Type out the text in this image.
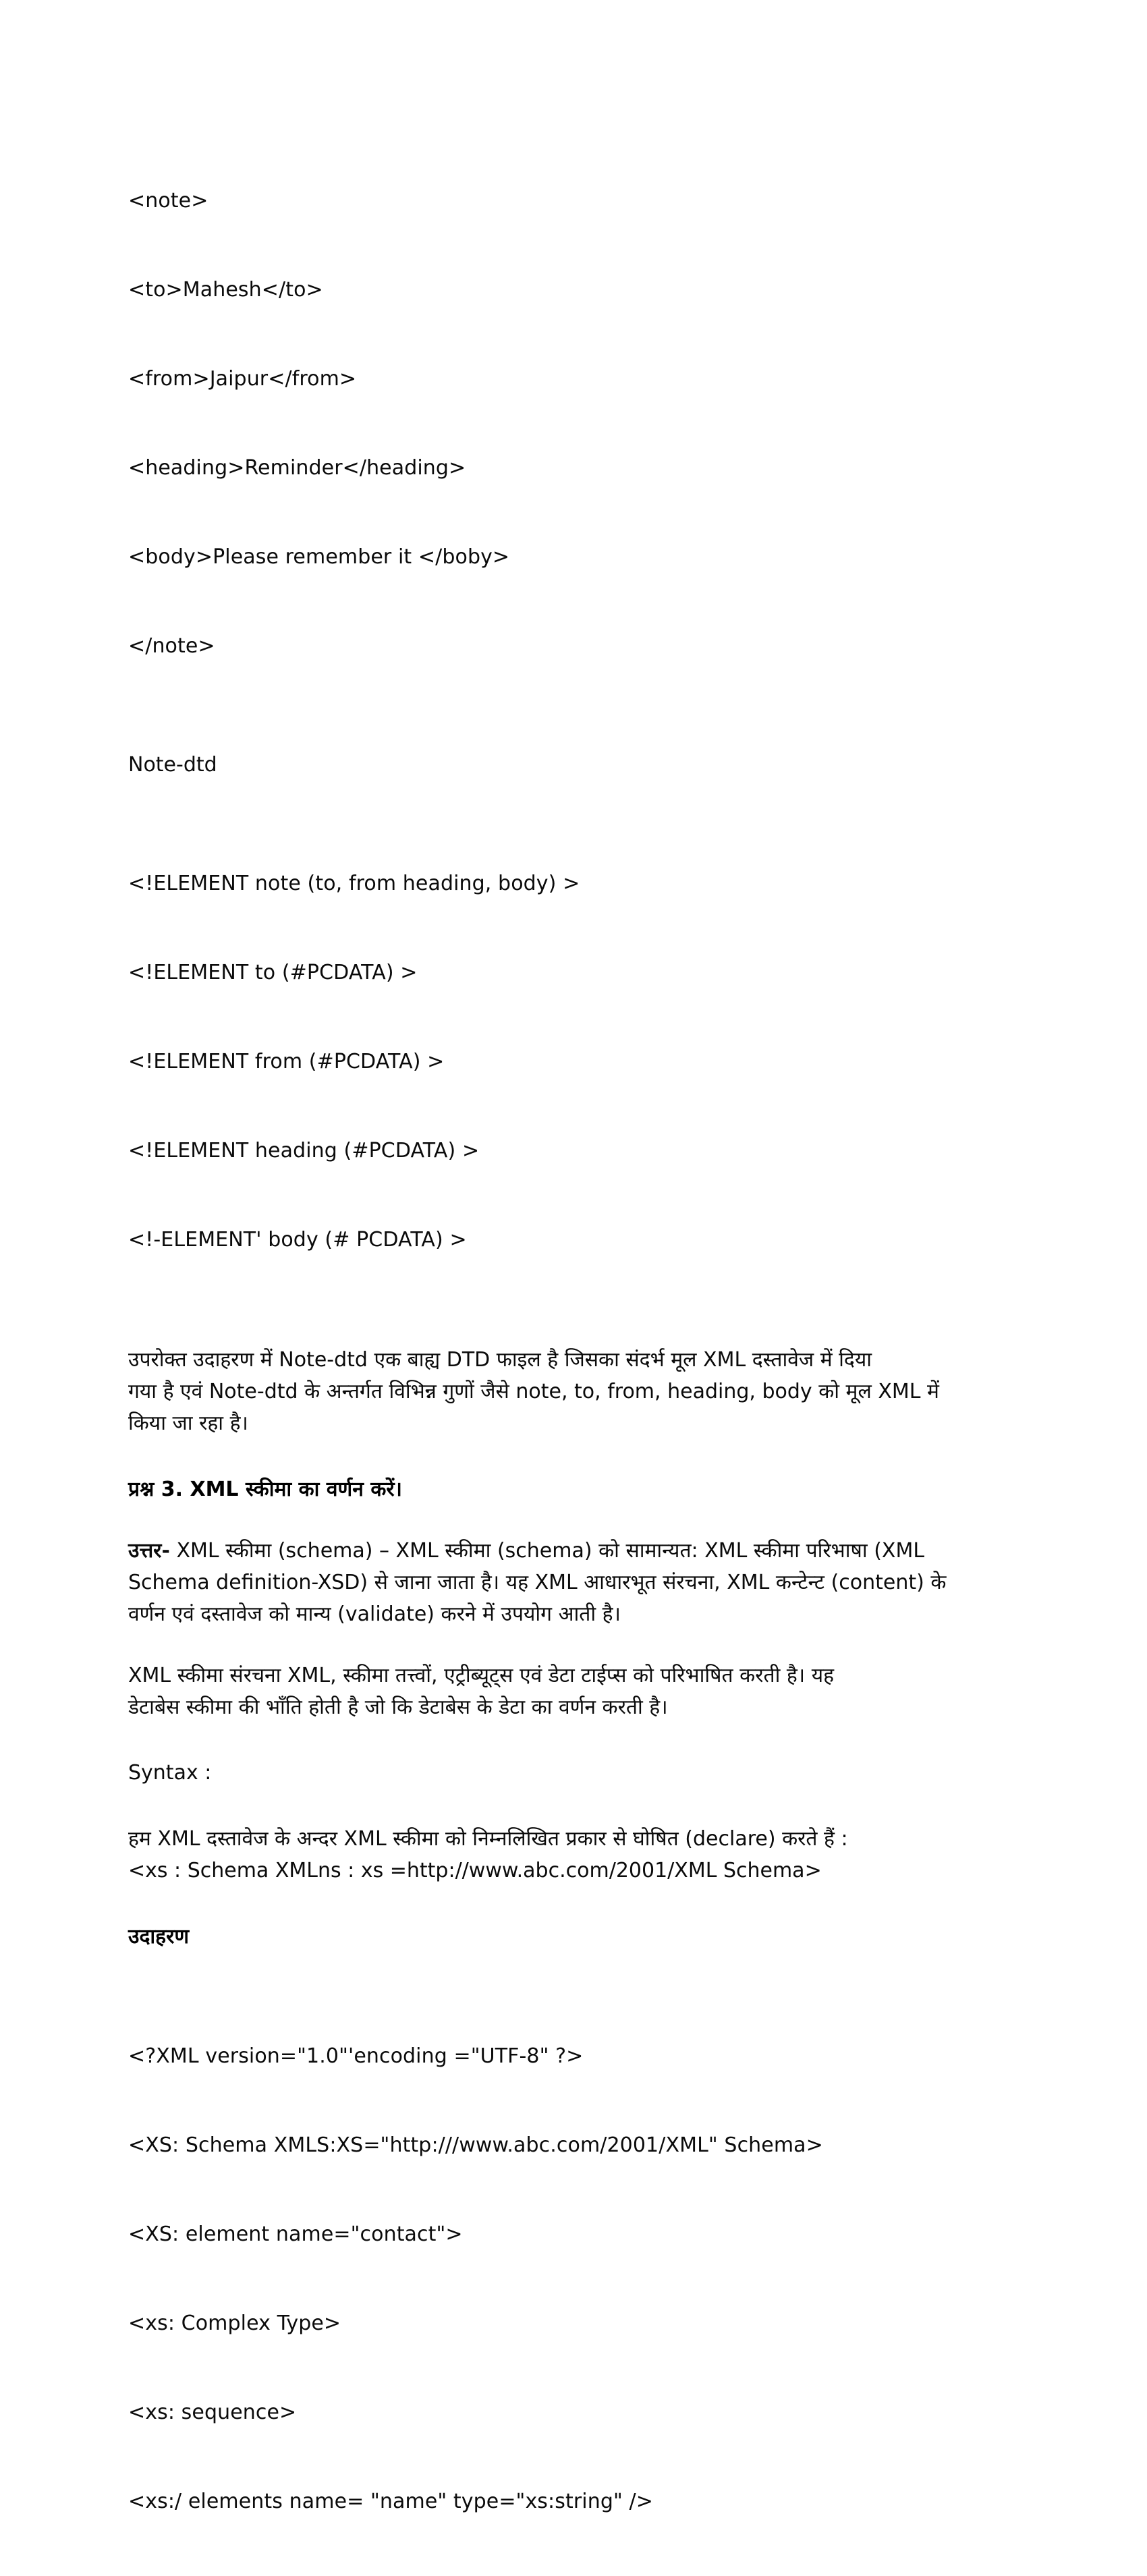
<note>

<to>Mahesh</to>

<from>Jaipur</from>

<heading>Reminder</heading>

<body>Please remember it </boby>

</note>

Note-dtd

<!ELEMENT note (to, from heading, body) >

<!ELEMENT to (#PCDATA) >

<!ELEMENT from (#PCDATA) >

<!ELEMENT heading (#PCDATA) >

<!-ELEMENT' body (# PCDATA) >

उपरोक्त उदाहरण में Note-dtd एक बाह्य DTD फाइल है जिसका संदर्भ मूल XML दस्तावेज में दिया
गया है एवं Note-dtd के अन्तर्गत विभिन्न गुणों जैसे note, to, from, heading, body को मूल XML में
किया जा रहा है।
प्रश्न 3. XML स्कीमा का वर्णन करें।
उत्तर- XML स्कीमा (schema) – XML स्कीमा (schema) को सामान्यत: XML स्कीमा परिभाषा (XML
Schema definition-XSD) से जाना जाता है। यह XML आधारभूत संरचना, XML कन्टेन्ट (content) के
वर्णन एवं दस्तावेज को मान्य (validate) करने में उपयोग आती है।
XML स्कीमा संरचना XML, स्कीमा तत्त्वों, एट्रीब्यूट्स एवं डेटा टाईप्स को परिभाषित करती है। यह
डेटाबेस स्कीमा की भाँति होती है जो कि डेटाबेस के डेटा का वर्णन करती है।
Syntax :
हम XML दस्तावेज के अन्दर XML स्कीमा को निम्नलिखित प्रकार से घोषित (declare) करते हैं :
<xs : Schema XMLns : xs =http://www.abc.com/2001/XML Schema>
उदाहरण

<?XML version="1.0"'encoding ="UTF-8" ?>

<XS: Schema XMLS:XS="http:///www.abc.com/2001/XML" Schema>

<XS: element name="contact">

<xs: Complex Type>

<xs: sequence>

<xs:/ elements name= "name" type="xs:string" />
